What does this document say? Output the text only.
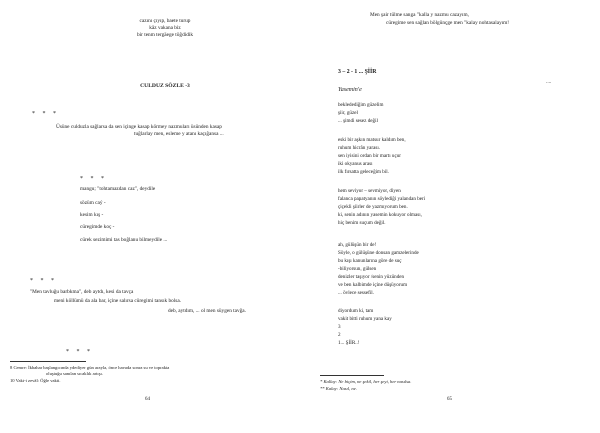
cazını çıyıp, baete turup
kâz vakana biz
bir tenm tergäege töğdidik
CULDUZ SÖZLE -3
* * *
Üsüne culduzla sağlarsa da sen içinge kasap körmey nazmuları üsünden kasap
tuğlarlay men, esleme y atanı kaçığansa ...
* * *
mangu; "tohtamazdan caz", deydile
sözüm caý -
kesim kış -
cüregimde koç -
cürek sezimimi tas boğlanu bilmeydile ...
* * *
"Men tavluğu barbkma", deb aytdı, kesi da tavça
meni köllümü da ala bar, içine salırsa cüregimi tansık bolsa.
deb, aytdım, ... ol men süygen tavğa.
* * *
8 Cemre: İkbahar başlangıcında ydediyer gün arayla, önce havada sonra su ve toprakta
oluştuğu sanılan sıcaklık artışı.
10 Vakt-i zevāl: Öğle vakti.
64
Men şair tülme sanga "kalla y nazmu cazayım,
cüregime sen sağlan bölgünçge men "kalay nohtasalayım!
3 – 2 - 1 ... ŞİİR
....
Yasemin'e
bekledediğim güzelim
şiir, güzel
... şimdi sesez değil
eski bir aşkın matsur kaldım ben,
ruhum hicrân yarası.
sen iyisini ordan bir martı uçur
iki okyanus arası
ilk fırsatta geleceğim bil.
hem seviyor – sevmiyor, diyen
falanca papatyanın söylediği yalandan beri
çiçekli şiirler de yazmıyorum ben.
ki, senin adının yasemin kokuyor olması,
hiç benim suçum değil.
ah, gülüşün bir de!
Söyle, o gülüşüne donsan gamzelerinde
bu kışı kanunlarına göre de suç
-biliyorsun, gülsen
denizler taşıyor /senin yüzünden
ve ben kalbimde içine düşüyorum
... övlece sessefil.
diyordum ki, tam
vakit bitti ruhum yana kay
3
2
1... ŞİİR..!
* Kallay: Ne biçim, ne şekil, her şeyi, her nasılsa.
** Kalay: Nasıl, ne.
65
